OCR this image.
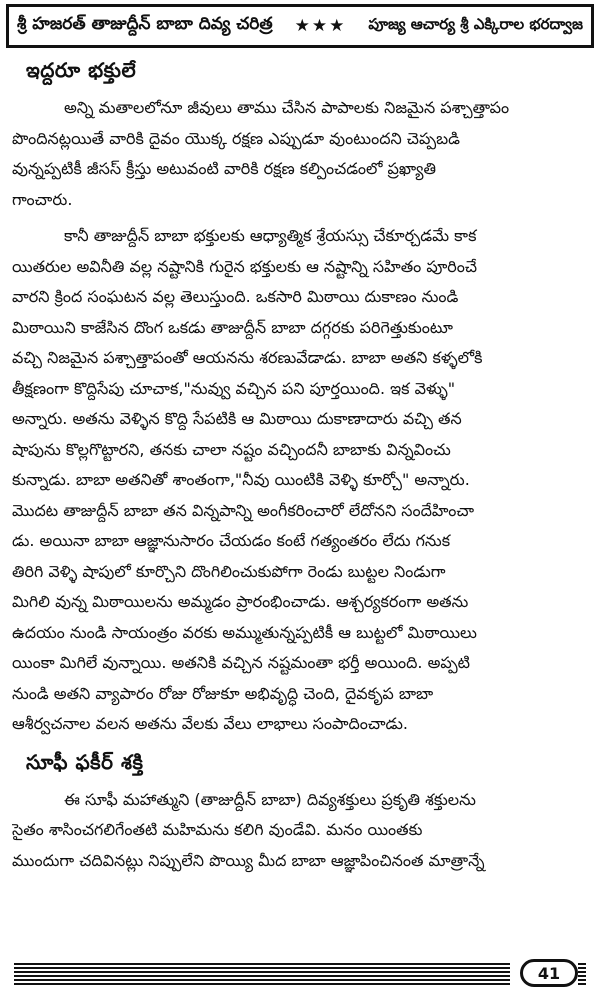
శ్రీ హజరత్ తాజుద్దీన్ బాబా దివ్య చరిత్ర ★★★ పూజ్య ఆచార్య శ్రీ ఎక్కిరాల భరద్వాజ
ఇద్దరూ భక్తులే
అన్ని మతాలలోనూ జీవులు తాము చేసిన పాపాలకు నిజమైన పశ్చాత్తాపం
పొందినట్లయితే వారికి దైవం యొక్క రక్షణ ఎప్పుడూ వుంటుందని చెప్పబడి
వున్నప్పటికీ జీసస్ క్రీస్తు అటువంటి వారికి రక్షణ కల్పించడంలో ప్రఖ్యాతి
గాంచారు.
కానీ తాజుద్దీన్ బాబా భక్తులకు ఆధ్యాత్మిక శ్రేయస్సు చేకూర్చడమే కాక
యితరుల అవినీతి వల్ల నష్టానికి గురైన భక్తులకు ఆ నష్టాన్ని సహితం పూరించే
వారని క్రింద సంఘటన వల్ల తెలుస్తుంది. ఒకసారి మిఠాయి దుకాణం నుండి
మిఠాయిని కాజేసిన దొంగ ఒకడు తాజుద్దీన్ బాబా దగ్గరకు పరిగెత్తుకుంటూ
వచ్చి నిజమైన పశ్చాత్తాపంతో ఆయనను శరణువేడాడు. బాబా అతని కళ్ళలోకి
తీక్షణంగా కొద్దిసేపు చూచాక,"నువ్వు వచ్చిన పని పూర్తయింది. ఇక వెళ్ళు"
అన్నారు. అతను వెళ్ళిన కొద్ది సేపటికి ఆ మిఠాయి దుకాణాదారు వచ్చి తన
షాపును కొల్లగొట్టారని, తనకు చాలా నష్టం వచ్చిందనీ బాబాకు విన్నవించు
కున్నాడు. బాబా అతనితో శాంతంగా,"నీవు యింటికి వెళ్ళి కూర్చో" అన్నారు.
మొదట తాజుద్దీన్ బాబా తన విన్నపాన్ని అంగీకరించారో లేదోనని సందేహించా
డు. అయినా బాబా ఆజ్ఞానుసారం చేయడం కంటే గత్యంతరం లేదు గనుక
తిరిగి వెళ్ళి షాపులో కూర్చొని దొంగిలించుకుపోగా రెండు బుట్టల నిండుగా
మిగిలి వున్న మిఠాయిలను అమ్మడం ప్రారంభించాడు. ఆశ్చర్యకరంగా అతను
ఉదయం నుండి సాయంత్రం వరకు అమ్ముతున్నప్పటికీ ఆ బుట్టలో మిఠాయిలు
యింకా మిగిలే వున్నాయి. అతనికి వచ్చిన నష్టమంతా భర్తీ అయింది. అప్పటి
నుండి అతని వ్యాపారం రోజు రోజుకూ అభివృద్ధి చెంది, దైవకృప బాబా
ఆశీర్వచనాల వలన అతను వేలకు వేలు లాభాలు సంపాదించాడు.
సూఫీ ఫకీర్ శక్తి
ఈ సూఫీ మహాత్ముని (తాజుద్దీన్ బాబా) దివ్యశక్తులు ప్రకృతి శక్తులను
సైతం శాసించగలిగేంతటి మహిమను కలిగి వుండేవి. మనం యింతకు
ముందుగా చదివినట్లు నిప్పులేని పొయ్యి మీద బాబా ఆజ్ఞాపించినంత మాత్రాన్నే
41
